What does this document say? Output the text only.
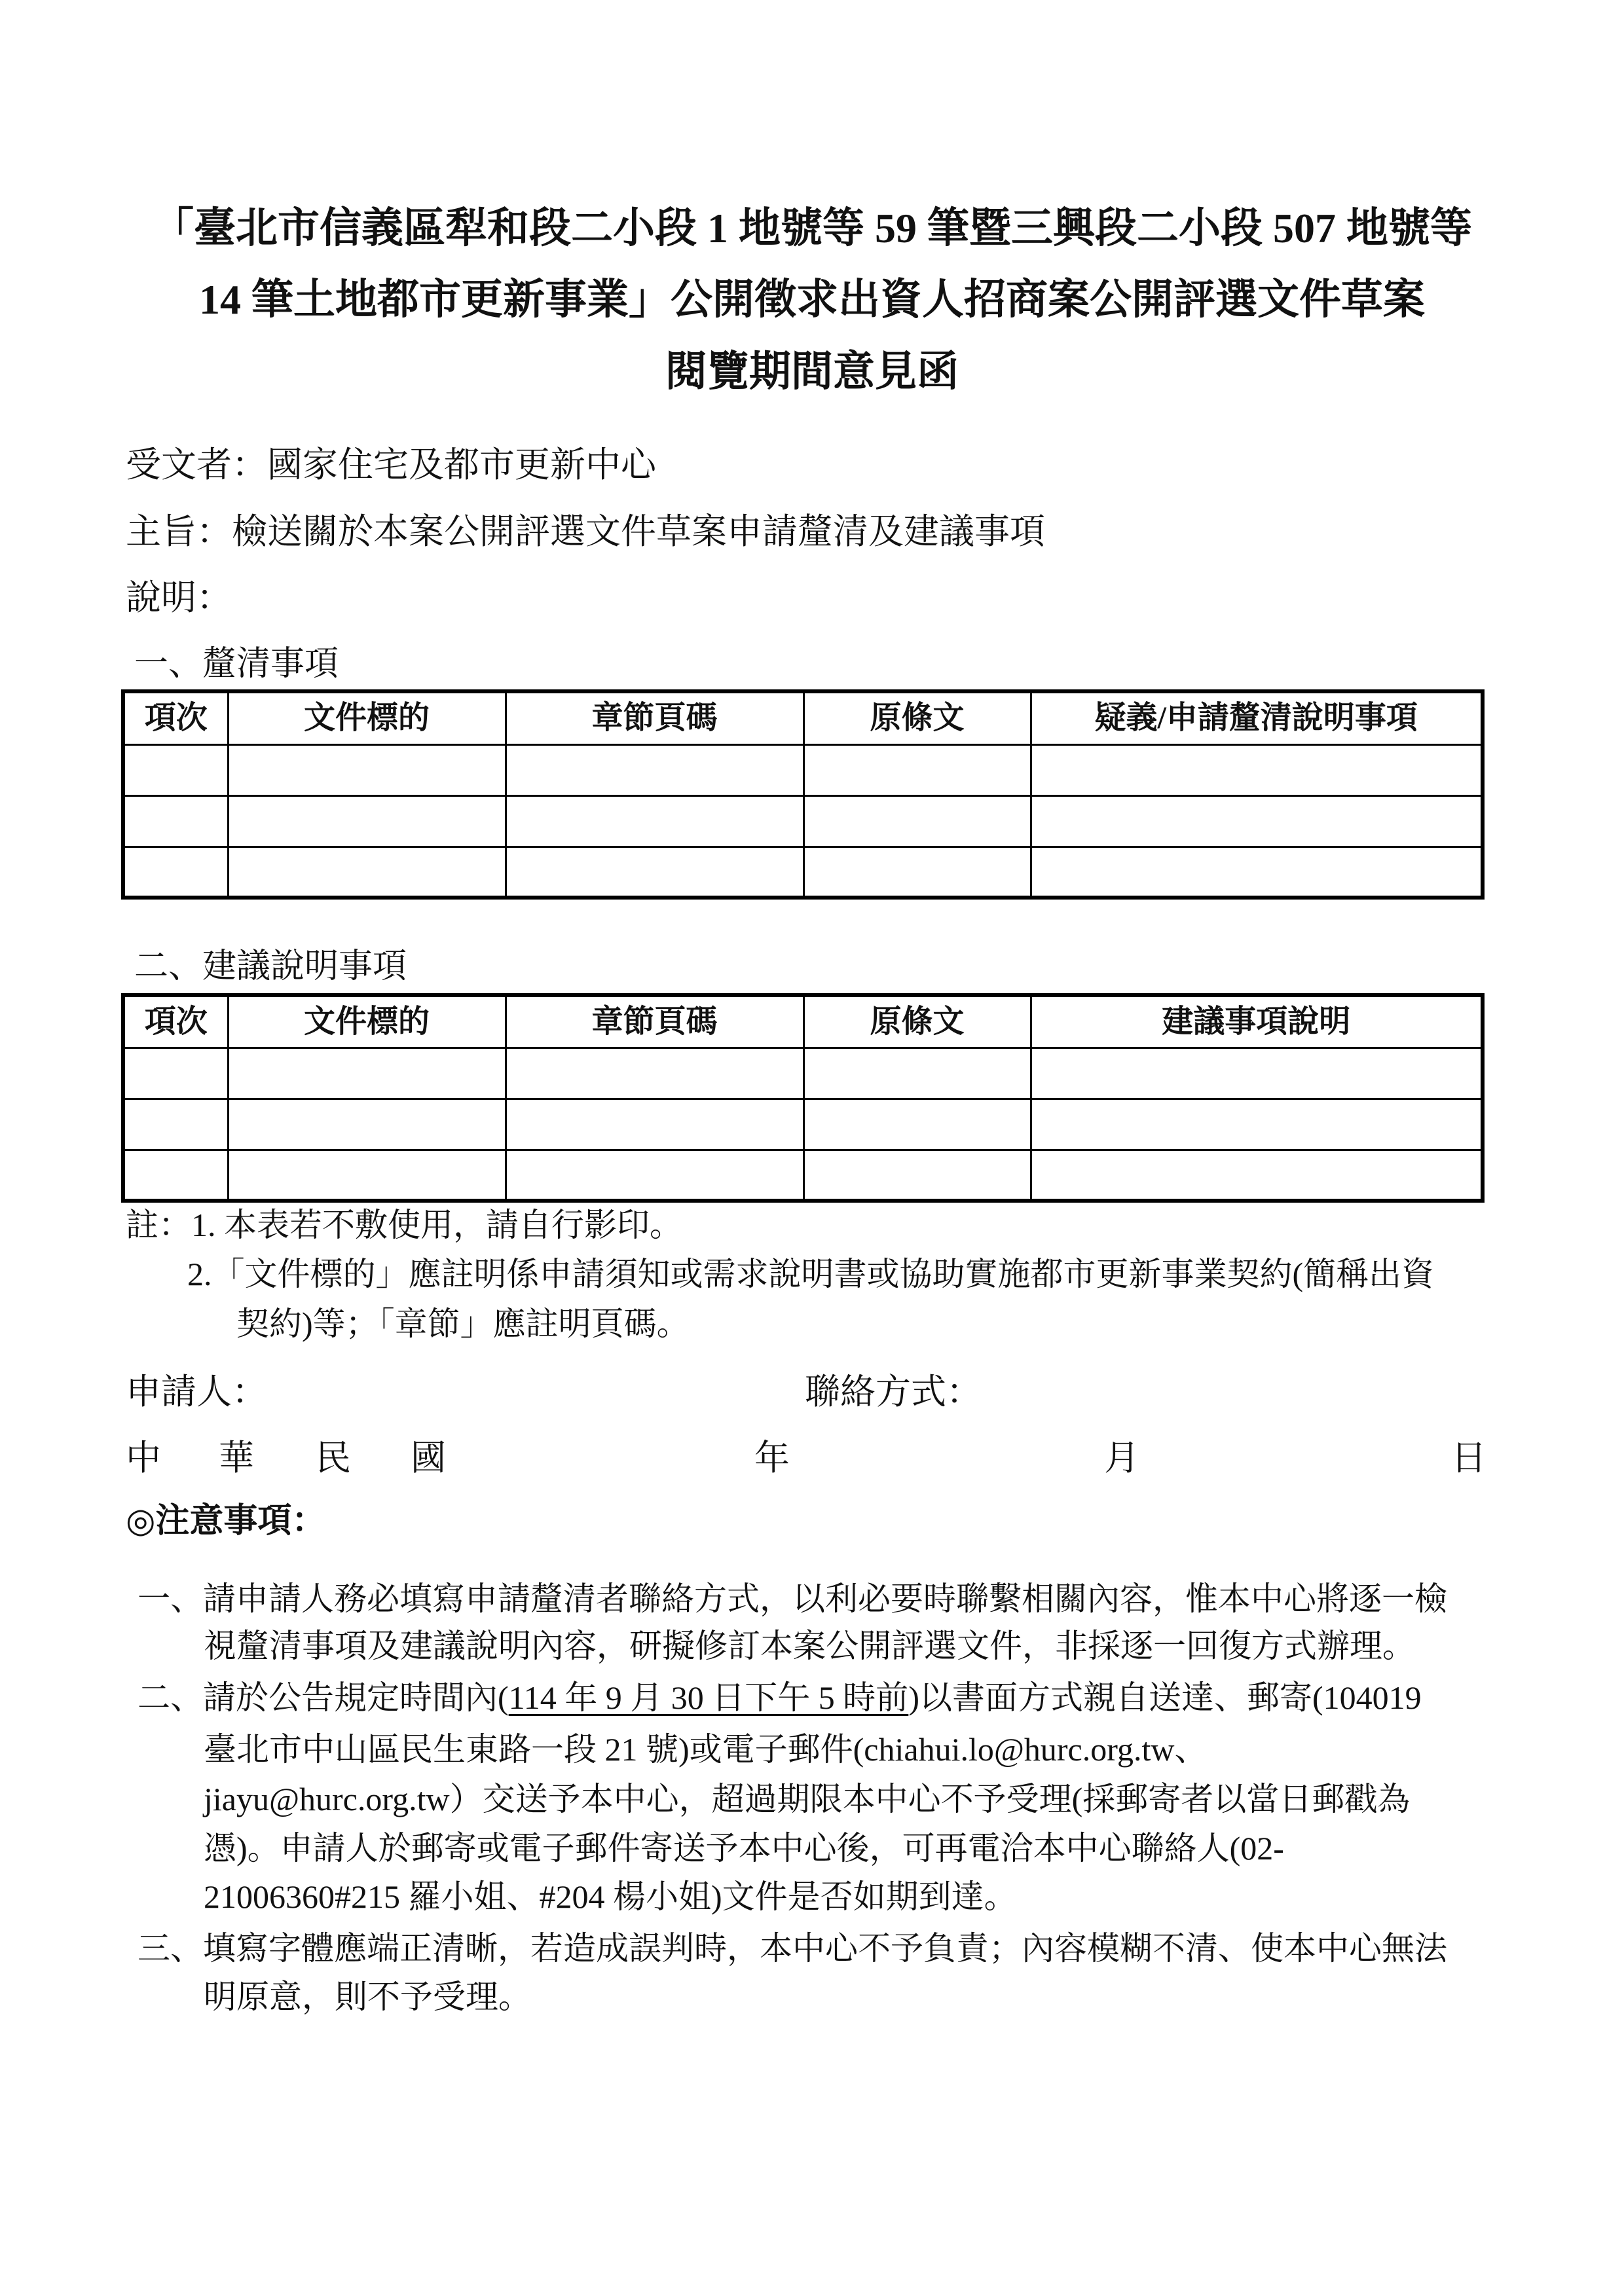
「臺北市信義區犁和段二小段 1 地號等 59 筆暨三興段二小段 507 地號等
14 筆土地都市更新事業」公開徵求出資人招商案公開評選文件草案
閱覽期間意見函
受文者：國家住宅及都市更新中心
主旨：檢送關於本案公開評選文件草案申請釐清及建議事項
說明：
一、釐清事項
項次	文件標的	章節頁碼	原條文	疑義/申請釐清說明事項

二、建議說明事項
項次	文件標的	章節頁碼	原條文	建議事項說明

註：1. 本表若不敷使用，請自行影印。
2.「文件標的」應註明係申請須知或需求說明書或協助實施都市更新事業契約(簡稱出資
契約)等；「章節」應註明頁碼。
申請人：	聯絡方式：
中 華 民 國	年	月	日
◎注意事項：
一、請申請人務必填寫申請釐清者聯絡方式，以利必要時聯繫相關內容，惟本中心將逐一檢
視釐清事項及建議說明內容，研擬修訂本案公開評選文件，非採逐一回復方式辦理。
二、請於公告規定時間內(114 年 9 月 30 日下午 5 時前)以書面方式親自送達、郵寄(104019
臺北市中山區民生東路一段 21 號)或電子郵件(chiahui.lo@hurc.org.tw、
jiayu@hurc.org.tw）交送予本中心，超過期限本中心不予受理(採郵寄者以當日郵戳為
憑)。申請人於郵寄或電子郵件寄送予本中心後，可再電洽本中心聯絡人(02-
21006360#215 羅小姐、#204 楊小姐)文件是否如期到達。
三、填寫字體應端正清晰，若造成誤判時，本中心不予負責；內容模糊不清、使本中心無法
明原意，則不予受理。
